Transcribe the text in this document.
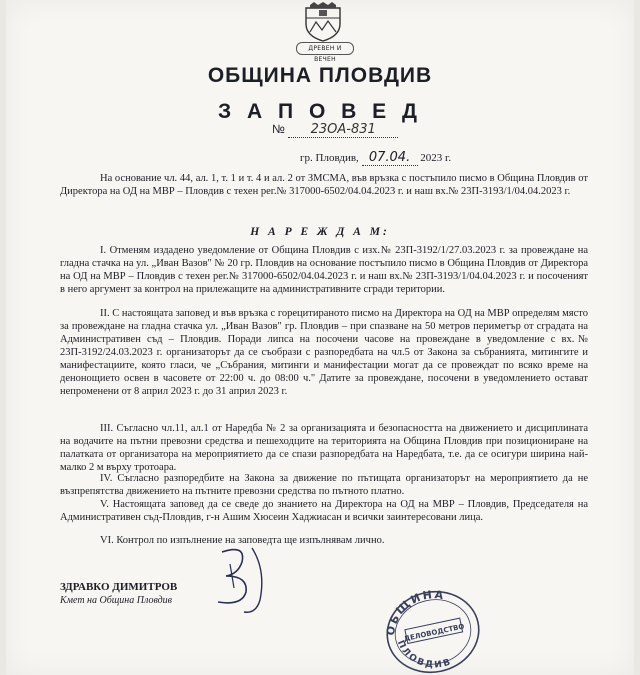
ДРЕВЕН И ВЕЧЕН
ОБЩИНА ПЛОВДИВ
З А П О В Е Д
№ 23ОА-831
гр. Пловдив, 07.04. 2023 г.

На основание чл. 44, ал. 1, т. 1 и т. 4 и ал. 2 от ЗМСМА, във връзка с постъпило писмо в Община Пловдив от Директора на ОД на МВР – Пловдив с техен рег.№ 317000-6502/04.04.2023 г. и наш вх.№ 23П-3193/1/04.04.2023 г.

Н А Р Е Ж Д А М:

I. Отменям издадено уведомление от Община Пловдив с изх.№ 23П-3192/1/27.03.2023 г. за провеждане на гладна стачка на ул. „Иван Вазов" № 20 гр. Пловдив на основание постъпило писмо в Община Пловдив от Директора на ОД на МВР – Пловдив с техен рег.№ 317000-6502/04.04.2023 г. и наш вх.№ 23П-3193/1/04.04.2023 г. и посоченият в него аргумент за контрол на прилежащите на административните сгради територии.

II. С настоящата заповед и във връзка с горецитираното писмо на Директора на ОД на МВР определям място за провеждане на гладна стачка ул. „Иван Вазов" гр. Пловдив – при спазване на 50 метров периметър от сградата на Административен съд – Пловдив. Поради липса на посочени часове на провеждане в уведомление с вх.№ 23П-3192/24.03.2023 г. организаторът да се съобрази с разпоредбата на чл.5 от Закона за събранията, митингите и манифестациите, която гласи, че „Събрания, митинги и манифестации могат да се провеждат по всяко време на денонощието освен в часовете от 22:00 ч. до 08:00 ч." Датите за провеждане, посочени в уведомлението остават непроменени от 8 април 2023 г. до 31 април 2023 г.

III. Съгласно чл.11, ал.1 от Наредба № 2 за организацията и безопасността на движението и дисциплината на водачите на пътни превозни средства и пешеходците на територията на Община Пловдив при позициониране на палатката от организатора на мероприятието да се спази разпоредбата на Наредбата, т.е. да се осигури ширина най-малко 2 м върху тротоара.

IV. Съгласно разпоредбите на Закона за движение по пътищата организаторът на мероприятието да не възпрепятства движението на пътните превозни средства по пътното платно.

V. Настоящата заповед да се сведе до знанието на Директора на ОД на МВР – Пловдив, Председателя на Административен съд-Пловдив, г-н Ашим Хюсеин Хаджиасан и всички заинтересовани лица.

VI. Контрол по изпълнение на заповедта ще изпълнявам лично.

ЗДРАВКО ДИМИТРОВ
Кмет на Община Пловдив
ОБЩИНА
ДЕЛОВОДСТВО
ПЛОВДИВ
